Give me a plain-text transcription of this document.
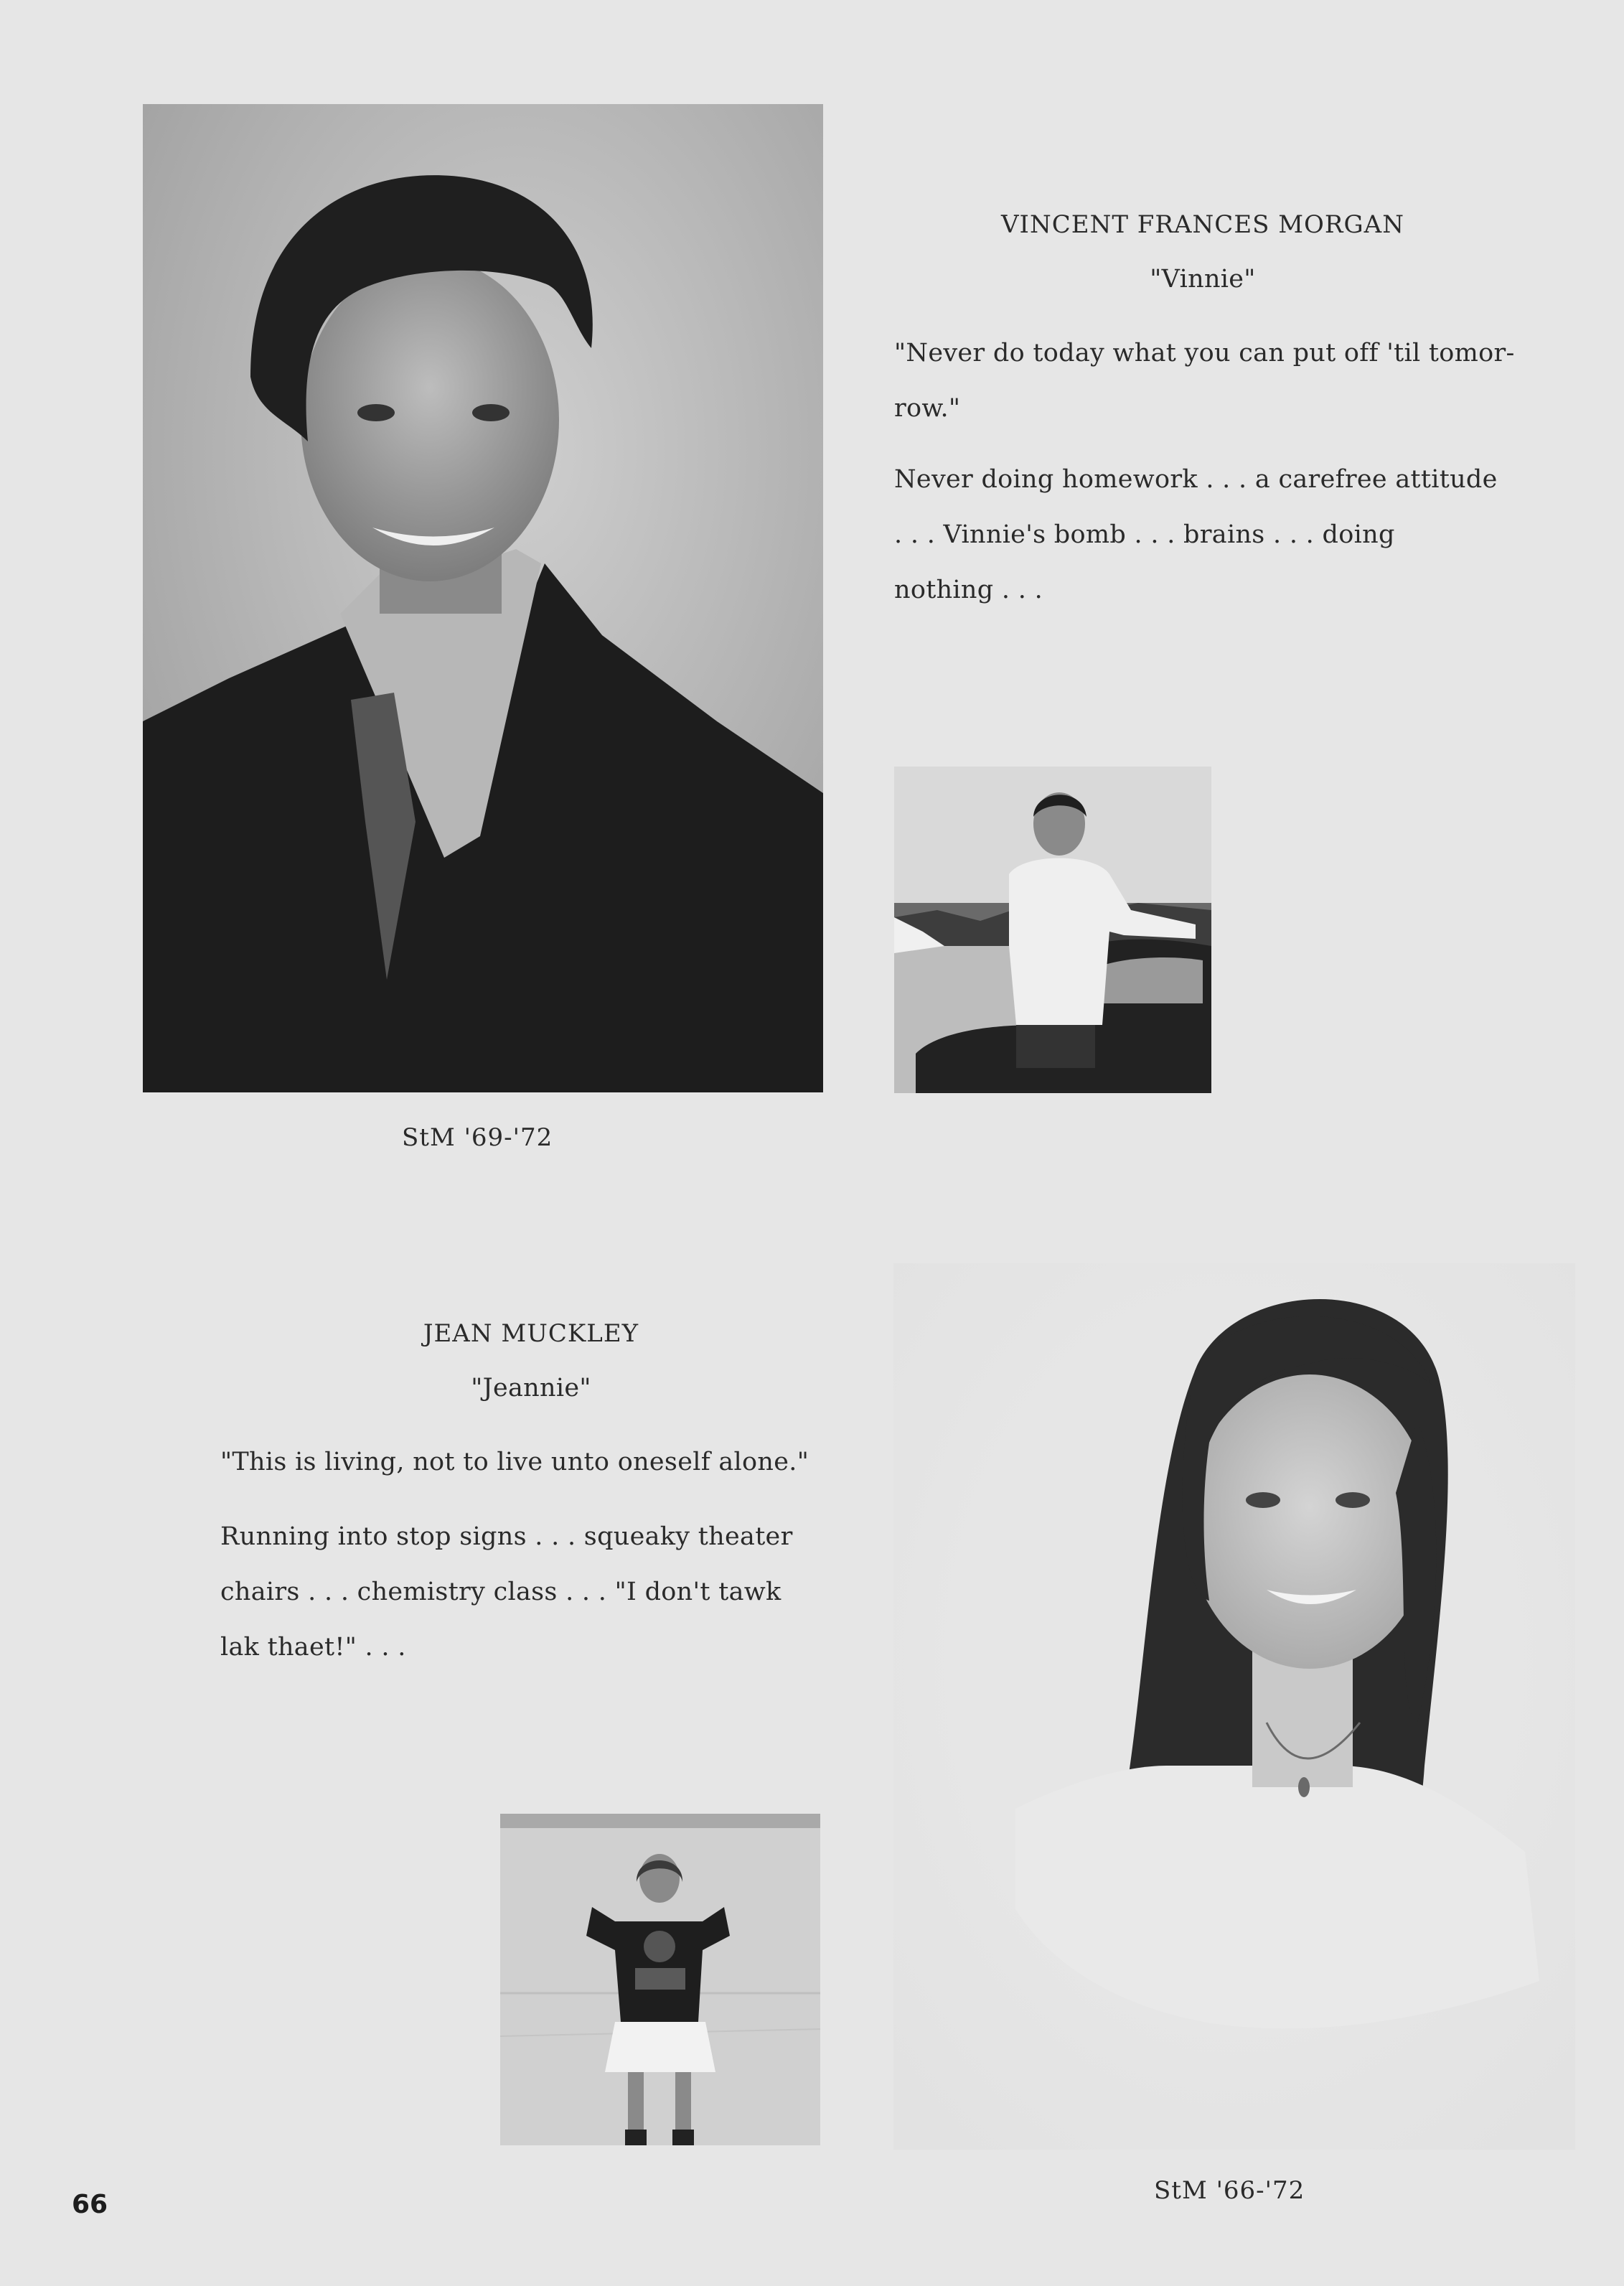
VINCENT FRANCES MORGAN
"Vinnie"
"Never do today what you can put off 'til tomor-
row."
Never doing homework . . . a carefree attitude
. . . Vinnie's bomb . . . brains . . . doing
nothing . . .
StM '69-'72
JEAN MUCKLEY
"Jeannie"
"This is living, not to live unto oneself alone."
Running into stop signs . . . squeaky theater
chairs . . . chemistry class . . . "I don't tawk
lak thaet!" . . .
StM '66-'72
66
